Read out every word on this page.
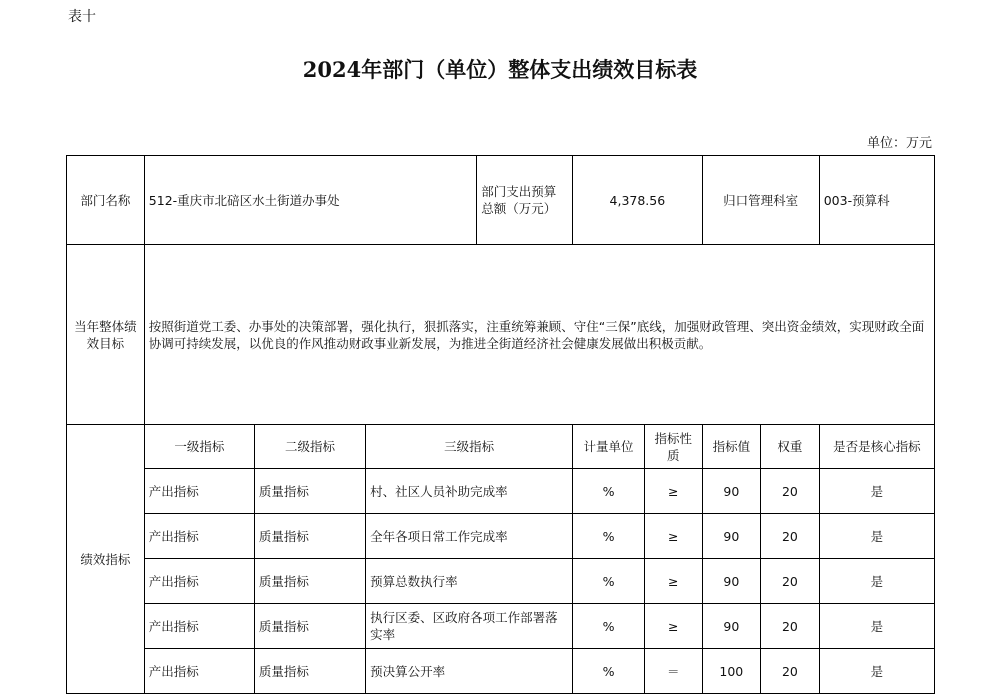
表十
2024年部门（单位）整体支出绩效目标表
单位：万元
部门名称	512-重庆市北碚区水土街道办事处			部门支出预算总额（万元）	4,378.56		归口管理科室		003-预算科
当年整体绩效目标	按照街道党工委、办事处的决策部署，强化执行，狠抓落实，注重统筹兼顾、守住“三保”底线，加强财政管理、突出资金绩效，实现财政全面协调可持续发展，以优良的作风推动财政事业新发展，为推进全街道经济社会健康发展做出积极贡献。								
绩效指标	一级指标	二级指标	三级指标		计量单位	指标性质	指标值	权重	是否是核心指标
	产出指标	质量指标	村、社区人员补助完成率		%	≥	90	20	是
	产出指标	质量指标	全年各项日常工作完成率		%	≥	90	20	是
	产出指标	质量指标	预算总数执行率		%	≥	90	20	是
	产出指标	质量指标	执行区委、区政府各项工作部署落实率		%	≥	90	20	是
	产出指标	质量指标	预决算公开率		%	＝	100	20	是
